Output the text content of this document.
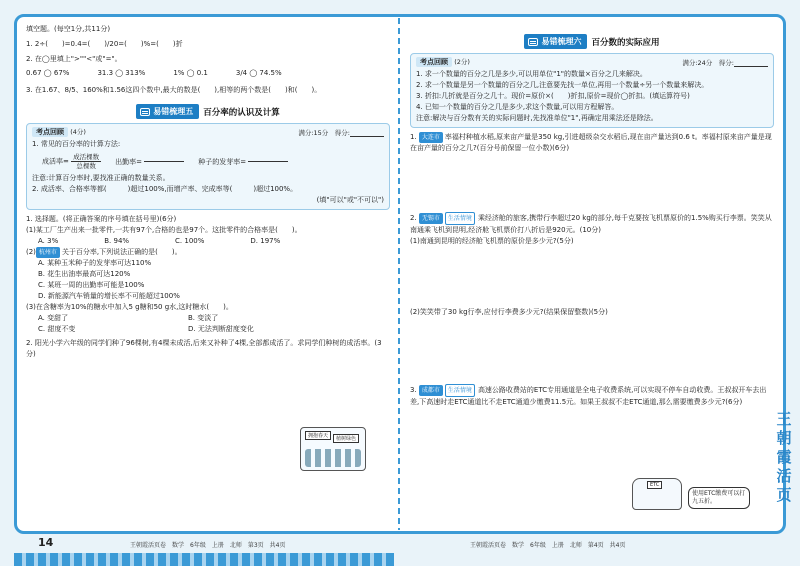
填空题。(每空1分,共11分)
1. 2÷(　　)=0.4=(　　)/20=(　　)%=(　　)折
2. 在◯里填上">""<"或"="。
0.67 ◯ 67%	31.3 ◯ 313%	1% ◯ 0.1	3/4 ◯ 74.5%
3. 在1.67、8/5、160%和1.56这四个数中,最大的数是(　　),相等的两个数是(　　)和(　　)。
易错梳理五 百分率的认识及计算
考点回顾 (4分)	满分:15分　得分:
1. 常见的百分率的计算方法:
成活率= $\frac{\text{成活棵数}}{\text{总棵数}}$ 出勤率=	种子的发芽率=
注意:计算百分率时,要找准正确的数量关系。
2. 成活率、合格率等都(　　　)超过100%,而增产率、完成率等(　　　)超过100%。
(填"可以"或"不可以")
1. 选择题。(将正确答案的序号填在括号里)(6分)
(1)某工厂生产出来一批零件,一共有97个,合格的也是97个。这批零件的合格率是(　　)。
A. 3%	B. 94%	C. 100%	D. 197%
(2) 杭州市 关于百分率,下列说法正确的是(　　)。
A. 某种玉米种子的发芽率可达110%
B. 花生出油率最高可达120%
C. 某班一周的出勤率可能是100%
D. 新能源汽车销量的增长率不可能超过100%
(3)在含糖率为10%的糖水中加入5 g糖和50 g水,这时糖水(　　)。
A. 变甜了	B. 变淡了
C. 甜度不变	D. 无法判断甜度变化
2. 阳光小学六年级的同学们种了96棵树,有4棵未成活,后来又补种了4棵,全部都成活了。求同学们种树的成活率。(3分)
拥抱春天	植树绿色
14	王朝霞活页卷　数学　6年级　上册　北师　第3页　共4页
易错梳理六 百分数的实际应用
考点回顾 (2分)	满分:24分　得分:
1. 求一个数量的百分之几是多少,可以用单位"1"的数量×百分之几来解决。
2. 求一个数量是另一个数量的百分之几,注意要先找一单位,再用一个数量÷另一个数量来解决。
3. 折扣:几折就是百分之几十。现价=原价×(　　)折扣,原价=现价◯折扣。(填运算符号)
4. 已知一个数量的百分之几是多少,求这个数量,可以用方程解答。
注意:解决与百分数有关的实际问题时,先找准单位"1",再确定用乘法还是除法。
1. 大连市 率福村种植水稻,原来亩产量是350 kg,引进超级杂交水稻后,现在亩产量达到0.6 t。率福村原来亩产量是现在亩产量的百分之几?(百分号前保留一位小数)(6分)
2. 无锡市 生活情境 乘经济舱的旅客,携带行李超过20 kg的部分,每千克要按飞机票原价的1.5%购买行李票。笑笑从南通乘飞机到昆明,经济舱飞机票价打八折后是920元。(10分)
(1)南通到昆明的经济舱飞机票的原价是多少元?(5分)
(2)笑笑带了30 kg行李,应付行李费多少元?(结果保留整数)(5分)
3. 成都市 生活情境 高速公路收费站的ETC专用通道是全电子收费系统,可以实现不停车自动收费。王叔叔开车去出差,下高速时走ETC通道比不走ETC通道少缴费11.5元。如果王叔叔不走ETC通道,那么需要缴费多少元?(6分)
ETC
使用ETC缴费可以打九五折。
王朝霞活页卷　数学　6年级　上册　北师　第4页　共4页
王
朝
霞
活
页
